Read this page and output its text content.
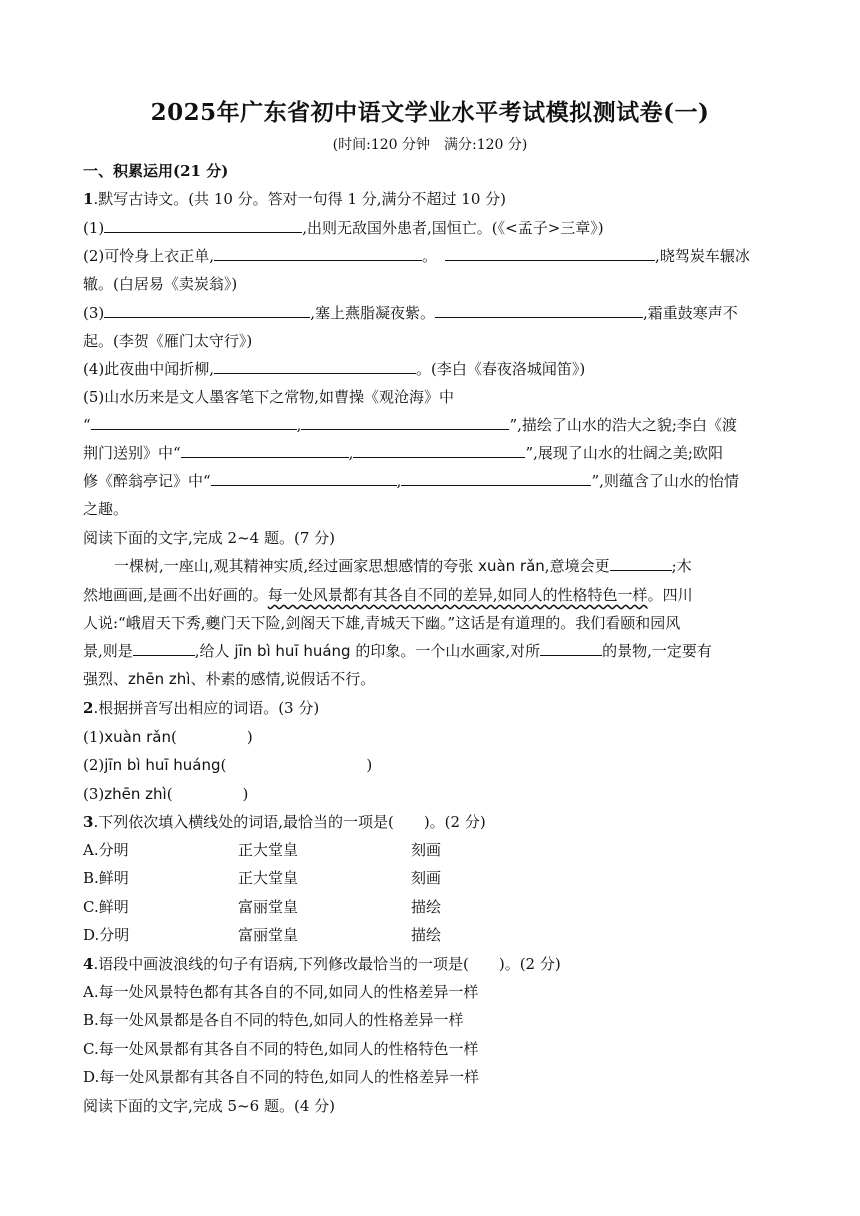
2025年广东省初中语文学业水平考试模拟测试卷(一)
(时间:120 分钟　满分:120 分)
一、积累运用(21 分)
1.默写古诗文。(共 10 分。答对一句得 1 分,满分不超过 10 分)
(1)	,出则无敌国外患者,国恒亡。(《<孟子>三章》)
(2)可怜身上衣正单,	。	,晓驾炭车辗冰
辙。(白居易《卖炭翁》)
(3)	,塞上燕脂凝夜紫。	,霜重鼓寒声不
起。(李贺《雁门太守行》)
(4)此夜曲中闻折柳,	。(李白《春夜洛城闻笛》)
(5)山水历来是文人墨客笔下之常物,如曹操《观沧海》中
“	,	”,描绘了山水的浩大之貌;李白《渡
荆门送别》中“	,	”,展现了山水的壮阔之美;欧阳
修《醉翁亭记》中“	,	”,则蕴含了山水的怡情
之趣。
阅读下面的文字,完成 2~4 题。(7 分)
一棵树,一座山,观其精神实质,经过画家思想感情的夸张 xuàn rǎn,意境会更	;木
然地画画,是画不出好画的。每一处风景都有其各自不同的差异,如同人的性格特色一样。四川
人说:“峨眉天下秀,夔门天下险,剑阁天下雄,青城天下幽。”这话是有道理的。我们看颐和园风
景,则是	,给人 jīn bì huī huáng 的印象。一个山水画家,对所	的景物,一定要有
强烈、zhēn zhì、朴素的感情,说假话不行。
2.根据拼音写出相应的词语。(3 分)
(1)xuàn rǎn(	)
(2)jīn bì huī huáng(	)
(3)zhēn zhì(	)
3.下列依次填入横线处的词语,最恰当的一项是( )。(2 分)
A.分明	正大堂皇	刻画
B.鲜明	正大堂皇	刻画
C.鲜明	富丽堂皇	描绘
D.分明	富丽堂皇	描绘
4.语段中画波浪线的句子有语病,下列修改最恰当的一项是( )。(2 分)
A.每一处风景特色都有其各自的不同,如同人的性格差异一样
B.每一处风景都是各自不同的特色,如同人的性格差异一样
C.每一处风景都有其各自不同的特色,如同人的性格特色一样
D.每一处风景都有其各自不同的特色,如同人的性格差异一样
阅读下面的文字,完成 5~6 题。(4 分)
